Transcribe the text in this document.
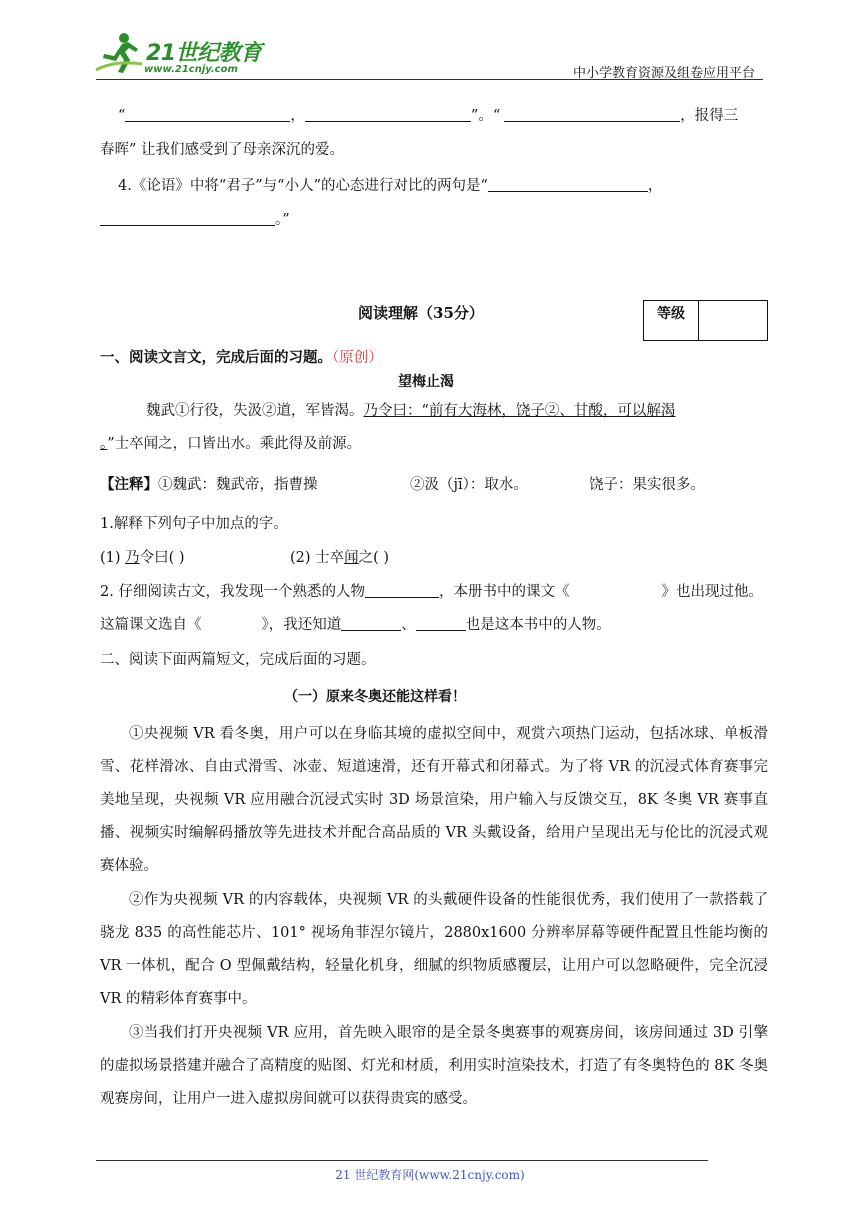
21世纪教育
www.21cnjy.com	中小学教育资源及组卷应用平台
“	，	”。“	，报得三
春晖” 让我们感受到了母亲深沉的爱。
4.《论语》中将“君子”与“小人”的心态进行对比的两句是“	，
。”
阅读理解（35分）	等级
一、阅读文言文，完成后面的习题。（原创）
望梅止渴
魏武①行役，失汲②道，军皆渴。乃令曰：“前有大海林，饶子②、甘酸，可以解渴
。”士卒闻之，口皆出水。乘此得及前源。
【注释】①魏武：魏武帝，指曹操	②汲（jī）：取水。	饶子：果实很多。
1.解释下列句子中加点的字。
(1) 乃令曰( )	(2) 士卒闻之( )
2. 仔细阅读古文，我发现一个熟悉的人物	，本册书中的课文《	》也出现过他。
这篇课文选自《	》，我还知道	、	也是这本书中的人物。
二、阅读下面两篇短文，完成后面的习题。
（一）原来冬奥还能这样看！
①央视频 VR 看冬奥，用户可以在身临其境的虚拟空间中，观赏六项热门运动，包括冰球、单板滑雪、花样滑冰、自由式滑雪、冰壶、短道速滑，还有开幕式和闭幕式。为了将 VR 的沉浸式体育赛事完美地呈现，央视频 VR 应用融合沉浸式实时 3D 场景渲染，用户输入与反馈交互，8K 冬奥 VR 赛事直播、视频实时编解码播放等先进技术并配合高品质的 VR 头戴设备，给用户呈现出无与伦比的沉浸式观赛体验。
②作为央视频 VR 的内容载体，央视频 VR 的头戴硬件设备的性能很优秀，我们使用了一款搭载了骁龙 835 的高性能芯片、101° 视场角菲涅尔镜片，2880x1600 分辨率屏幕等硬件配置且性能均衡的 VR 一体机，配合 O 型佩戴结构，轻量化机身，细腻的织物质感覆层，让用户可以忽略硬件，完全沉浸 VR 的精彩体育赛事中。
③当我们打开央视频 VR 应用，首先映入眼帘的是全景冬奥赛事的观赛房间，该房间通过 3D 引擎的虚拟场景搭建并融合了高精度的贴图、灯光和材质，利用实时渲染技术，打造了有冬奥特色的 8K 冬奥观赛房间，让用户一进入虚拟房间就可以获得贵宾的感受。
21 世纪教育网(www.21cnjy.com)
